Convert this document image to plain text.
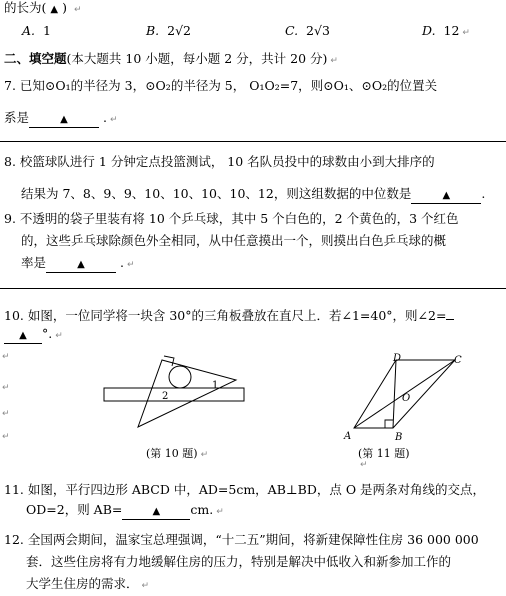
的长为( ▲ ) ↵
A. 1	B. 2√2	C. 2√3	D. 12 ↵
二、填空题(本大题共 10 小题，每小题 2 分，共计 20 分) ↵
7. 已知⊙O₁的半径为 3，⊙O₂的半径为 5， O₁O₂=7，则⊙O₁、⊙O₂的位置关
系是	▲	. ↵
8. 校篮球队进行 1 分钟定点投篮测试， 10 名队员投中的球数由小到大排序的
结果为 7、8、9、9、10、10、10、10、12，则这组数据的中位数是	▲ .
9. 不透明的袋子里装有将 10 个乒乓球，其中 5 个白色的，2 个黄色的，3 个红色
的，这些乒乓球除颜色外全相同，从中任意摸出一个，则摸出白色乒乓球的概
率是	▲	. ↵
10. 如图，一位同学将一块含 30°的三角板叠放在直尺上．若∠1=40°，则∠2=
▲ °. ↵
↵
↵
↵
↵
1
2
(第 10 题) ↵
A	B
C
D
O
(第 11 题)
↵
11. 如图，平行四边形 ABCD 中，AD=5cm，AB⊥BD，点 O 是两条对角线的交点，
OD=2，则 AB=	▲ cm. ↵
12. 全国两会期间，温家宝总理强调，“十二五”期间，将新建保障性住房 36 000 000
套．这些住房将有力地缓解住房的压力，特别是解决中低收入和新参加工作的
大学生住房的需求． ↵
